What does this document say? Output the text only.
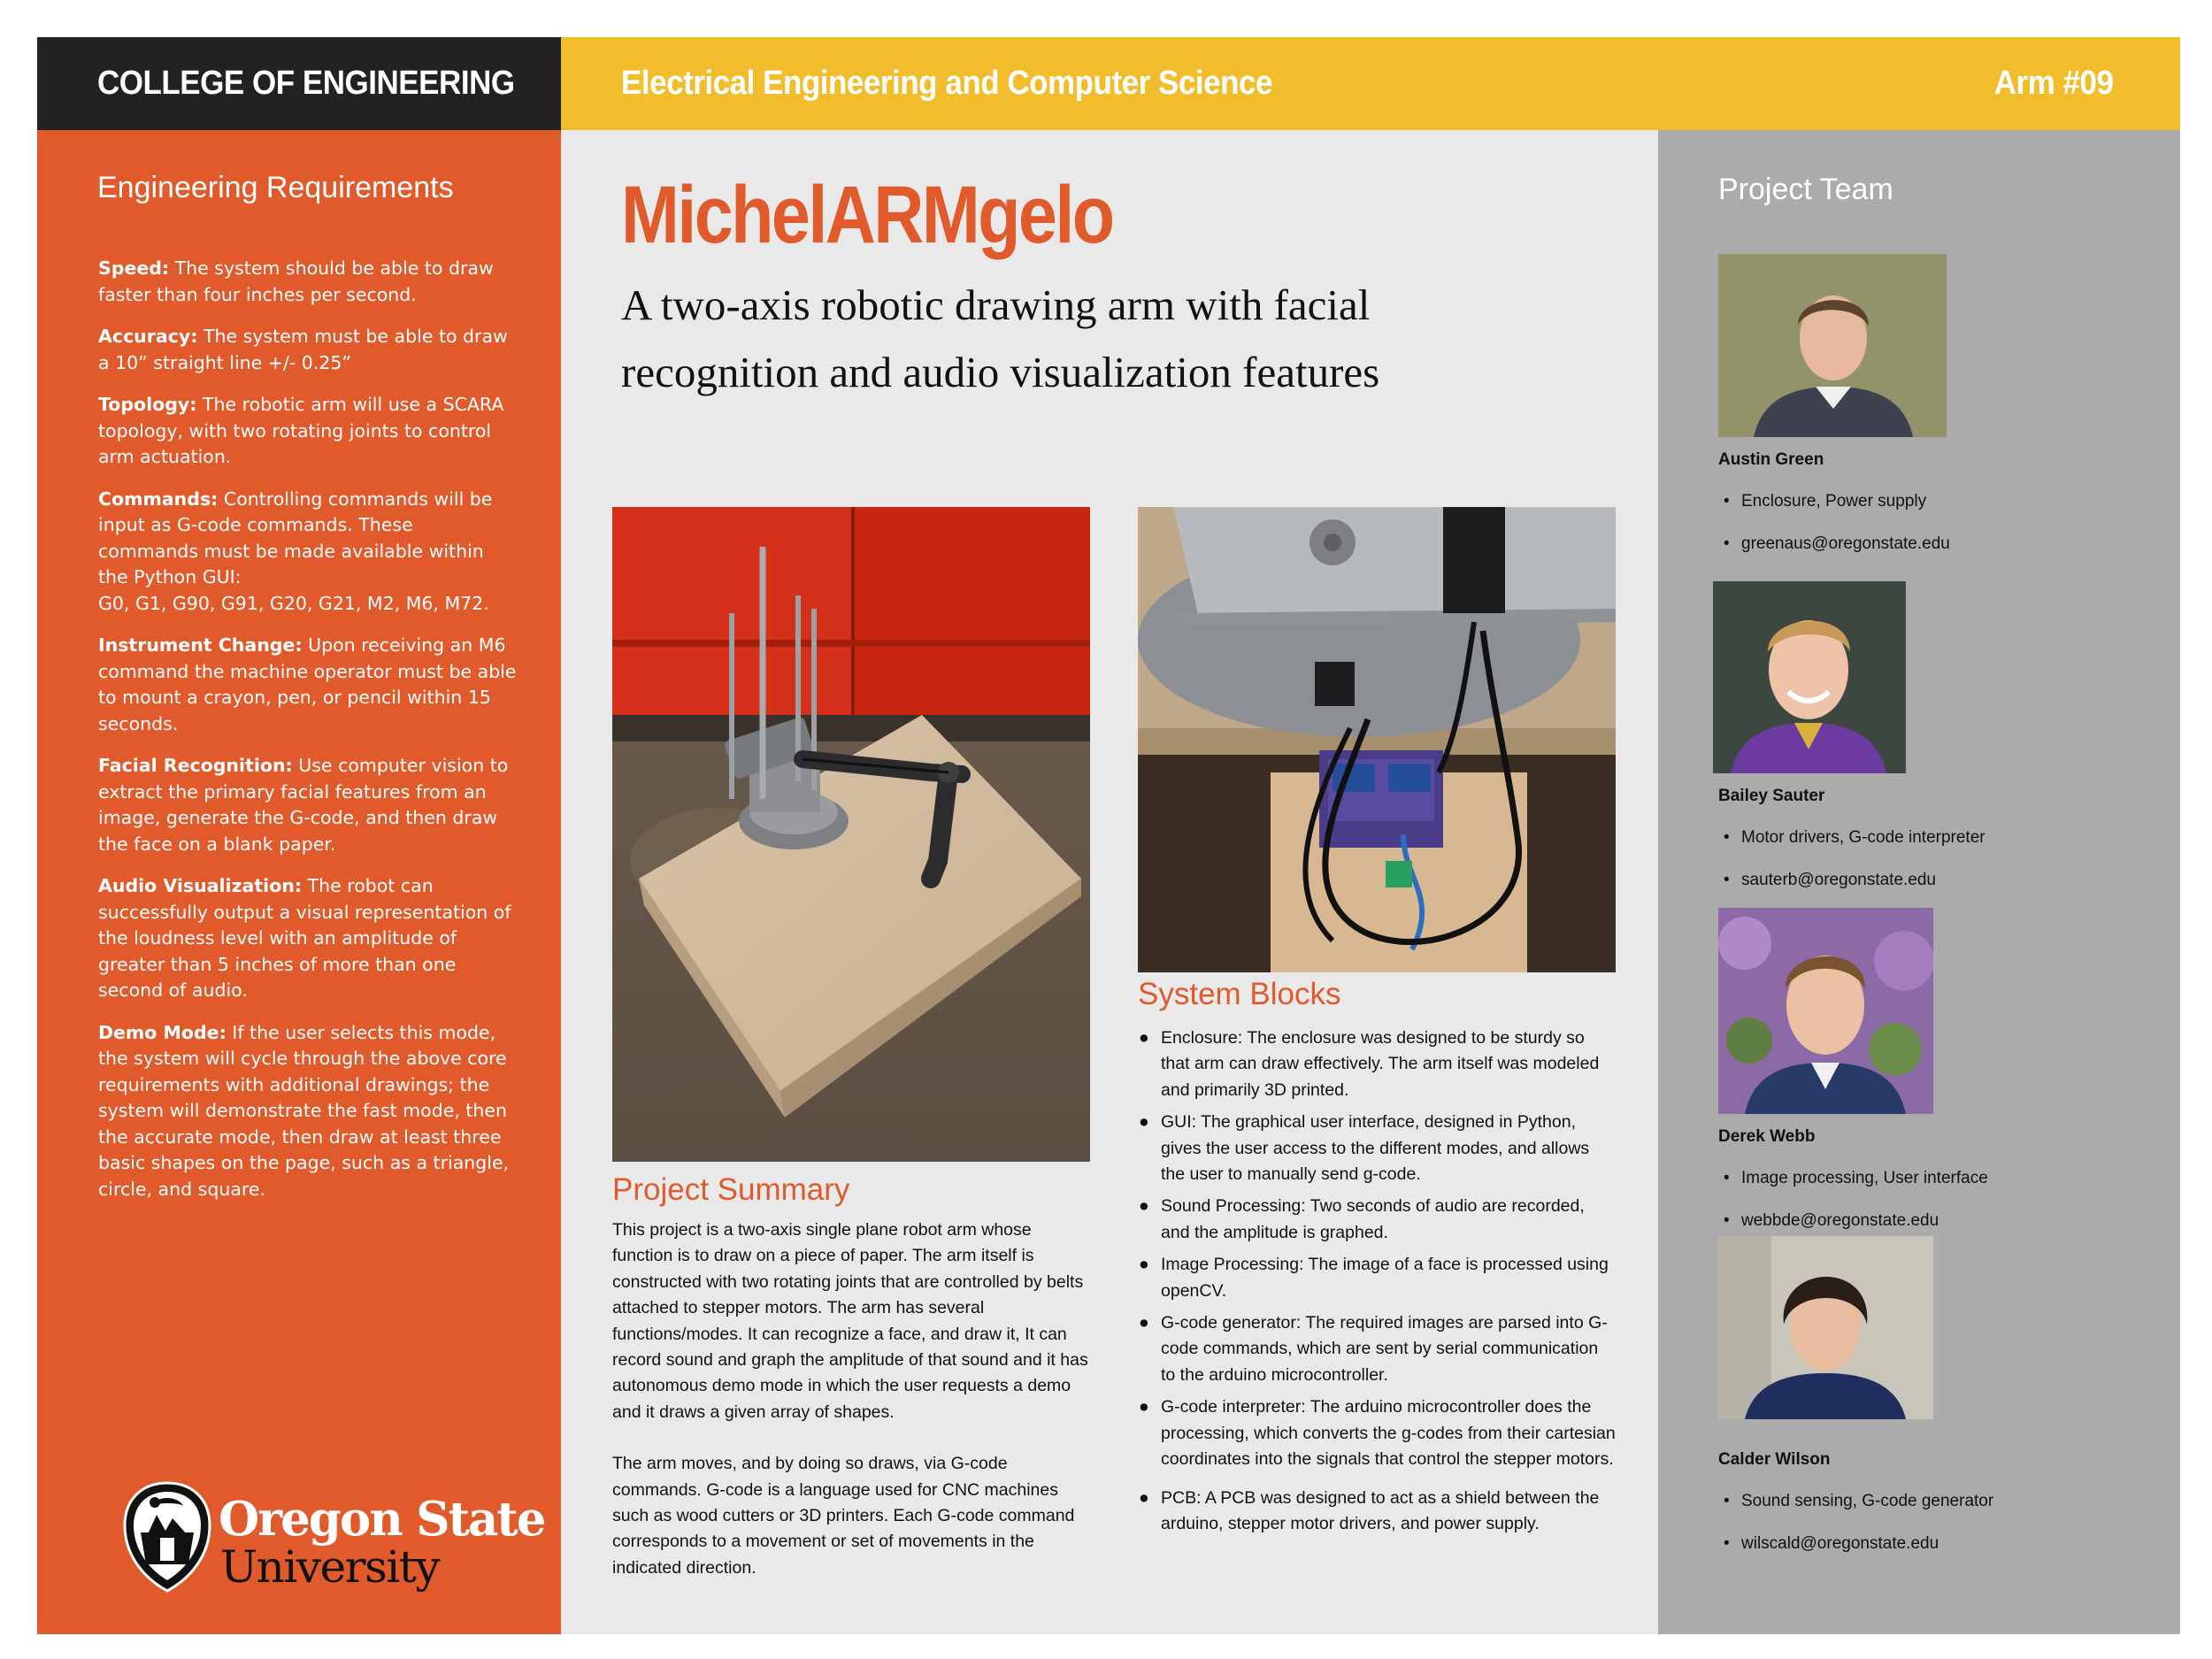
COLLEGE OF ENGINEERING	Electrical Engineering and Computer Science	Arm #09
Engineering Requirements
Speed: The system should be able to draw faster than four inches per second.
Accuracy: The system must be able to draw a 10” straight line +/- 0.25”
Topology: The robotic arm will use a SCARA topology, with two rotating joints to control arm actuation.
Commands: Controlling commands will be input as G-code commands. These commands must be made available within the Python GUI:
G0, G1, G90, G91, G20, G21, M2, M6, M72.
Instrument Change: Upon receiving an M6 command the machine operator must be able to mount a crayon, pen, or pencil within 15 seconds.
Facial Recognition: Use computer vision to extract the primary facial features from an image, generate the G-code, and then draw the face on a blank paper.
Audio Visualization: The robot can successfully output a visual representation of the loudness level with an amplitude of greater than 5 inches of more than one second of audio.
Demo Mode: If the user selects this mode, the system will cycle through the above core requirements with additional drawings; the system will demonstrate the fast mode, then the accurate mode, then draw at least three basic shapes on the page, such as a triangle, circle, and square.
Oregon State
University
MichelARMgelo
A two-axis robotic drawing arm with facial recognition and audio visualization features
Project Summary

This project is a two-axis single plane robot arm whose function is to draw on a piece of paper. The arm itself is constructed with two rotating joints that are controlled by belts attached to stepper motors. The arm has several functions/modes. It can recognize a face, and draw it, It can record sound and graph the amplitude of that sound and it has autonomous demo mode in which the user requests a demo and it draws a given array of shapes.

The arm moves, and by doing so draws, via G-code commands. G-code is a language used for CNC machines such as wood cutters or 3D printers. Each G-code command corresponds to a movement or set of movements in the indicated direction.

System Blocks
● Enclosure: The enclosure was designed to be sturdy so that arm can draw effectively. The arm itself was modeled and primarily 3D printed.
● GUI: The graphical user interface, designed in Python, gives the user access to the different modes, and allows the user to manually send g-code.
● Sound Processing: Two seconds of audio are recorded, and the amplitude is graphed.
● Image Processing: The image of a face is processed using openCV.
● G-code generator: The required images are parsed into G-code commands, which are sent by serial communication to the arduino microcontroller.
● G-code interpreter: The arduino microcontroller does the processing, which converts the g-codes from their cartesian coordinates into the signals that control the stepper motors.
● PCB: A PCB was designed to act as a shield between the arduino, stepper motor drivers, and power supply.
Project Team
Austin Green
• Enclosure, Power supply
• greenaus@oregonstate.edu
Bailey Sauter
• Motor drivers, G-code interpreter
• sauterb@oregonstate.edu
Derek Webb
• Image processing, User interface
• webbde@oregonstate.edu
Calder Wilson
• Sound sensing, G-code generator
• wilscald@oregonstate.edu
